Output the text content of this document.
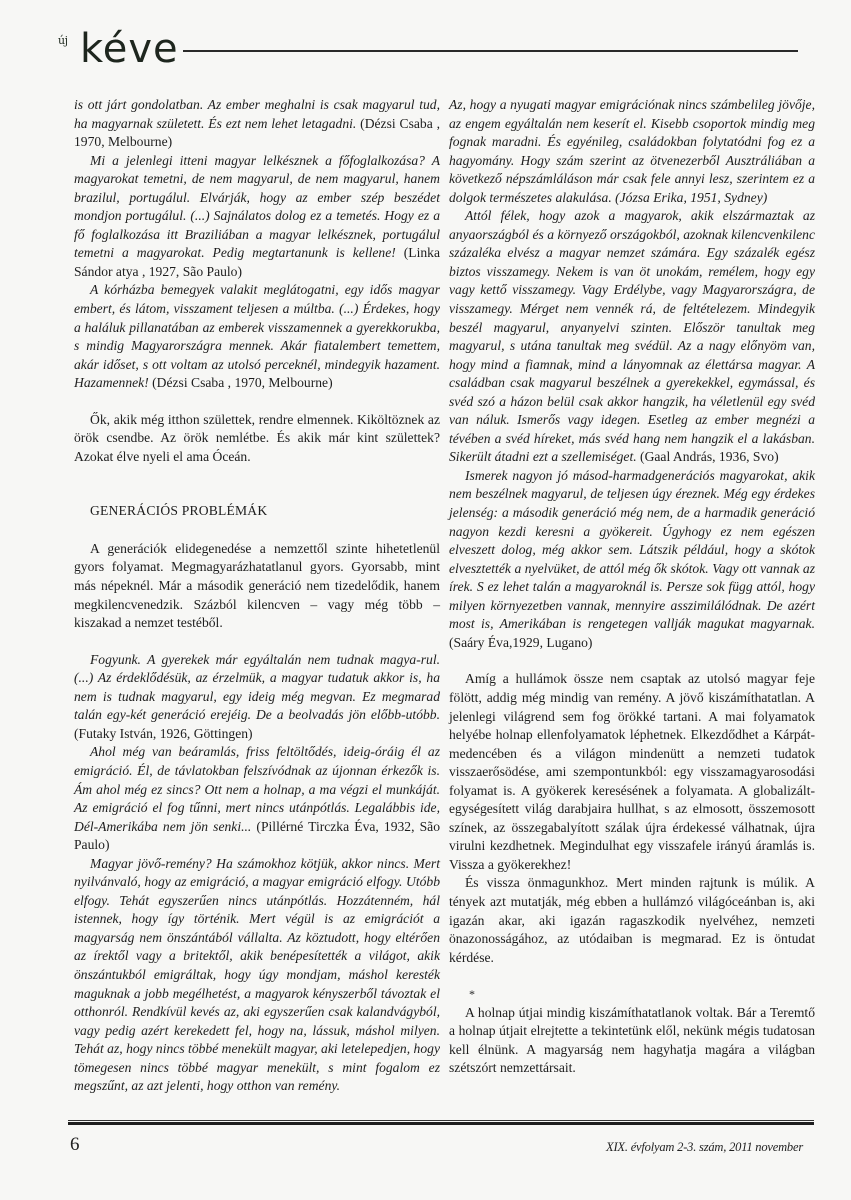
új kéve

is ott járt gondolatban. Az ember meghalni is csak magyarul tud, ha magyarnak született. És ezt nem lehet letagadni. (Dézsi Csaba , 1970, Melbourne)

Mi a jelenlegi itteni magyar lelkésznek a főfoglalkozása? A magyarokat temetni, de nem magyarul, de nem magyarul, hanem brazilul, portugálul. Elvárják, hogy az ember szép beszédet mondjon portugálul. (...) Sajnálatos dolog ez a temetés. Hogy ez a fő foglalkozása itt Braziliában a magyar lelkésznek, portugálul temetni a magyarokat. Pedig megtartanunk is kellene! (Linka Sándor atya , 1927, São Paulo)

A kórházba bemegyek valakit meglátogatni, egy idős magyar embert, és látom, visszament teljesen a múltba. (...) Érdekes, hogy a haláluk pillanatában az emberek visszamennek a gyerekkorukba, s mindig Magyarországra mennek. Akár fiatalembert temettem, akár időset, s ott voltam az utolsó perceknél, mindegyik hazament. Hazamennek! (Dézsi Csaba , 1970, Melbourne)

Ők, akik még itthon születtek, rendre elmennek. Kiköltöznek az örök csendbe. Az örök nemlétbe. És akik már kint születtek? Azokat élve nyeli el ama Óceán.

GENERÁCIÓS PROBLÉMÁK

A generációk elidegenedése a nemzettől szinte hihetetlenül gyors folyamat. Megmagyarázhatatlanul gyors. Gyorsabb, mint más népeknél. Már a második generáció nem tizedelődik, hanem megkilencvenedzik. Százból kilencven – vagy még több – kiszakad a nemzet testéből.

Fogyunk. A gyerekek már egyáltalán nem tudnak magya-rul. (...) Az érdeklődésük, az érzelmük, a magyar tudatuk akkor is, ha nem is tudnak magyarul, egy ideig még megvan. Ez megmarad talán egy-két generáció erejéig. De a beolvadás jön előbb-utóbb. (Futaky István, 1926, Göttingen)

Ahol még van beáramlás, friss feltöltődés, ideig-óráig él az emigráció. Él, de távlatokban felszívódnak az újonnan érkezők is. Ám ahol még ez sincs? Ott nem a holnap, a ma végzi el munkáját. Az emigráció el fog tűnni, mert nincs utánpótlás. Legalábbis ide, Dél-Amerikába nem jön senki... (Pillérné Tirczka Éva, 1932, São Paulo)

Magyar jövő-remény? Ha számokhoz kötjük, akkor nincs. Mert nyilvánvaló, hogy az emigráció, a magyar emigráció elfogy. Utóbb elfogy. Tehát egyszerűen nincs utánpótlás. Hozzátenném, hál istennek, hogy így történik. Mert végül is az emigrációt a magyarság nem önszántából vállalta. Az köztudott, hogy eltérően az írektől vagy a britektől, akik benépesítették a világot, akik önszántukból emigráltak, hogy úgy mondjam, máshol keresték maguknak a jobb megélhetést, a magyarok kényszerből távoztak el otthonról. Rendkívül kevés az, aki egyszerűen csak kalandvágyból, vagy pedig azért kerekedett fel, hogy na, lássuk, máshol milyen. Tehát az, hogy nincs többé menekült magyar, aki letelepedjen, hogy tömegesen nincs többé magyar menekült, s mint fogalom ez megszűnt, az azt jelenti, hogy otthon van remény.

Az, hogy a nyugati magyar emigrációnak nincs számbelileg jövője, az engem egyáltalán nem keserít el. Kisebb csoportok mindig meg fognak maradni. És egyénileg, családokban folytatódni fog ez a hagyomány. Hogy szám szerint az ötvenezerből Ausztráliában a következő népszámláláson már csak fele annyi lesz, szerintem ez a dolgok természetes alakulása. (Józsa Erika, 1951, Sydney)

Attól félek, hogy azok a magyarok, akik elszármaztak az anyaországból és a környező országokból, azoknak kilencvenkilenc százaléka elvész a magyar nemzet számára. Egy százalék egész biztos visszamegy. Nekem is van öt unokám, remélem, hogy egy vagy kettő visszamegy. Vagy Erdélybe, vagy Magyarországra, de visszamegy. Mérget nem vennék rá, de feltételezem. Mindegyik beszél magyarul, anyanyelvi szinten. Először tanultak meg magyarul, s utána tanultak meg svédül. Az a nagy előnyöm van, hogy mind a fiamnak, mind a lányomnak az élettársa magyar. A családban csak magyarul beszélnek a gyerekekkel, egymással, és svéd szó a házon belül csak akkor hangzik, ha véletlenül egy svéd van náluk. Ismerős vagy idegen. Esetleg az ember megnézi a tévében a svéd híreket, más svéd hang nem hangzik el a lakásban. Sikerült átadni ezt a szellemiséget. (Gaal András, 1936, Svo)

Ismerek nagyon jó másod-harmadgenerációs magyarokat, akik nem beszélnek magyarul, de teljesen úgy éreznek. Még egy érdekes jelenség: a második generáció még nem, de a harmadik generáció nagyon kezdi keresni a gyökereit. Úgyhogy ez nem egészen elveszett dolog, még akkor sem. Látszik például, hogy a skótok elvesztették a nyelvüket, de attól még ők skótok. Vagy ott vannak az írek. S ez lehet talán a magyaroknál is. Persze sok függ attól, hogy milyen környezetben vannak, mennyire asszimilálódnak. De azért most is, Amerikában is rengetegen vallják magukat magyarnak. (Saáry Éva,1929, Lugano)

Amíg a hullámok össze nem csaptak az utolsó magyar feje fölött, addig még mindig van remény. A jövő kiszámíthatatlan. A jelenlegi világrend sem fog örökké tartani. A mai folyamatok helyébe holnap ellenfolyamatok léphetnek. Elkezdődhet a Kárpát-medencében és a világon mindenütt a nemzeti tudatok visszaerősödése, ami szempontunkból: egy visszamagyarosodási folyamat is. A gyökerek keresésének a folyamata. A globalizált-egységesített világ darabjaira hullhat, s az elmosott, összemosott színek, az összegabalyított szálak újra érdekessé válhatnak, újra virulni kezdhetnek. Megindulhat egy visszafele irányú áramlás is. Vissza a gyökerekhez!

És vissza önmagunkhoz. Mert minden rajtunk is múlik. A tények azt mutatják, még ebben a hullámzó világóceánban is, aki igazán akar, aki igazán ragaszkodik nyelvéhez, nemzeti önazonosságához, az utódaiban is megmarad. Ez is öntudat kérdése.

*

A holnap útjai mindig kiszámíthatatlanok voltak. Bár a Teremtő a holnap útjait elrejtette a tekintetünk elől, nekünk mégis tudatosan kell élnünk. A magyarság nem hagyhatja magára a világban szétszórt nemzettársait.

6	XIX. évfolyam 2-3. szám, 2011 november
